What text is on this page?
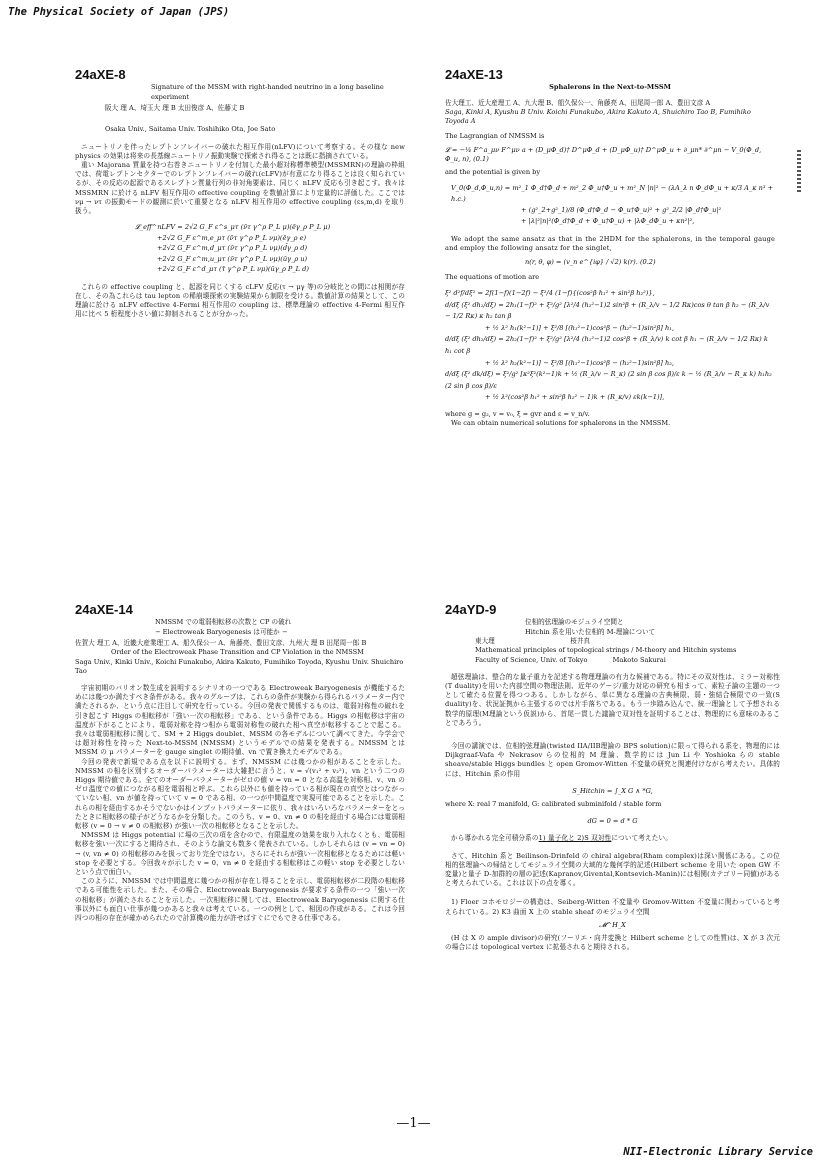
The Physical Society of Japan (JPS)
24aXE-8
Signature of the MSSM with right-handed neutrino in a long baseline experiment
阪大 理 A、埼玉大 理 B 太田俊彦 A、佐藤丈 B
Osaka Univ., Saitama Univ. Toshihiko Ota, Joe Sato
ニュートリノを伴ったレプトンフレイバーの破れた相互作用(nLFV)について考察する。その様な new physics の効果は将来の長基線ニュートリノ振動実験で探索され得ることは既に指摘されている。
重い Majorana 質量を持つ右巻きニュートリノを付加した最小超対称標準模型(MSSMRN)の理論の枠組では、荷電レプトンセクターでのレプトンフレイバーの破れ(cLFV)が有意になり得ることは良く知られているが、その反応の起源であるスレプトン質量行列の非対角要素は、同じく nLFV 反応も引き起こす。我々は MSSMRN に於ける nLFV 相互作用の effective coupling を数値計算により定量的に評価した。ここでは νμ → ντ の振動モードの観測に於いて重要となる nLFV 相互作用の effective coupling (εs,m,d) を取り扱う。
𝓛_eff^nLFV = 2√2 G_F ε^s_μτ (ν̄τ γ^ρ P_L μ)(ēγ_ρ P_L μ)
+2√2 G_F ε^m,e_μτ (ν̄τ γ^ρ P_L νμ)(ēγ_ρ e)
+2√2 G_F ε^m,d_μτ (ν̄τ γ^ρ P_L νμ)(d̄γ_ρ d)
+2√2 G_F ε^m,u_μτ (ν̄τ γ^ρ P_L νμ)(ūγ_ρ u)
+2√2 G_F ε^d_μτ (τ̄ γ^ρ P_L νμ)(ūγ_ρ P_L d)
これらの effective coupling と、起源を同じくする cLFV 反応(τ → μγ 等)の分岐比との間には相関が存在し、その為これらは tau lepton の稀崩壊探索の実験結果から制限を受ける。数値計算の結果として、この理論に於ける nLFV effective 4-Fermi 相互作用の coupling は、標準理論の effective 4-Fermi 相互作用に比べ 5 桁程度小さい値に抑制されることが分かった。
24aXE-13
Sphalerons in the Next-to-MSSM
佐大理工、近大産理工 A、九大理 B、船久保公一、角藤亮 A、田尾周一郎 A、豊田文彦 A
Saga, Kinki A, Kyushu B Univ. Koichi Funakubo, Akira Kakuto A, Shuichiro Tao B, Fumihiko Toyoda A
The Lagrangian of NMSSM is
𝓛 = −¼ F^a_μν F^μν a + (D_μΦ_d)† D^μΦ_d + (D_μΦ_u)† D^μΦ_u + ∂_μn* ∂^μn − V_0(Φ_d, Φ_u, n), (0.1)
and the potential is given by
V_0(Φ_d,Φ_u,n) = m²_1 Φ_d†Φ_d + m²_2 Φ_u†Φ_u + m²_N |n|² − (λA_λ n Φ_dΦ_u + κ/3 A_κ n³ + h.c.)
+ (g²_2+g²_1)/8 (Φ_d†Φ_d − Φ_u†Φ_u)² + g²_2/2 |Φ_d†Φ_u|²
+ |λ|²|n|²(Φ_d†Φ_d + Φ_u†Φ_u) + |λΦ_dΦ_u + κn²|²,
We adopt the same ansatz as that in the 2HDM for the sphalerons, in the temporal gauge and employ the following ansatz for the singlet,
n(r, θ, φ) = (v_n e^{iφ} / √2) k(r). (0.2)
The equations of motion are
ξ² d²f/dξ² = 2f(1−f)(1−2f) − ξ²/4 (1−f){(cos²β h₁² + sin²β h₂²)},
d/dξ (ξ² dh₁/dξ) = 2h₁(1−f)² + ξ²/g² [λ²/4 (h₂²−1)2 sin²β + (R_λ/v − 1/2 Rκ)cos θ tan β h₂ − (R_λ/v − 1/2 Rκ) κ h₂ tan β
+ ½ λ² h₁(k²−1)] + ξ²/8 [(h₁²−1)cos²β − (h₂²−1)sin²β] h₁,
d/dξ (ξ² dh₂/dξ) = 2h₂(1−f)² + ξ²/g² [λ²/4 (h₁²−1)2 cos²β + (R_λ/v) k cot β h₁ − (R_λ/v − 1/2 Rκ) k h₁ cot β
+ ½ λ² h₂(k²−1)] − ξ²/8 [(h₁²−1)cos²β − (h₂²−1)sin²β] h₂,
d/dξ (ξ² dk/dξ) = ξ²/g² [κ²ξ²(k²−1)k + ½ (R_λ/v − R_κ) (2 sin β cos β)/ε k − ½ (R_λ/v − R_κ k) h₁h₂ (2 sin β cos β)/ε
+ ½ λ²(cos²β h₁² + sin²β h₂² − 1)k + (R_κ/v) εk(k−1)],
where g = g₂, v = v₀, ξ = gvr and ε = v_n/v.
We can obtain numerical solutions for sphalerons in the NMSSM.
24aXE-14
NMSSM での電弱相転移の次数と CP の破れ
− Electroweak Baryogenesis は可能か −
佐賀大 理工 A、近畿大産業理工 A、船久保公一 A、角藤亮、豊田文彦、九州大 理 B 田尾周一郎 B
Order of the Electroweak Phase Transition and CP Violation in the NMSSM
Saga Univ., Kinki Univ., Koichi Funakubo, Akira Kakuto, Fumihiko Toyoda, Kyushu Univ. Shuichiro Tao
宇宙初期のバリオン数生成を説明するシナリオの一つである Electroweak Baryogenesis が機能するためには幾つか満たすべき条件がある。我々のグループは、これらの条件が実験から得られるパラメーター内で満たされるか、という点に注目して研究を行っている。今回の発表で関係するものは、電弱対称性の破れを引き起こす Higgs の相転移が「強い一次の相転移」である、という条件である。Higgs の相転移は宇宙の温度が下がることにより、電弱対称を持つ相から電弱対称性の破れた相へ真空が転移することで起こる。我々は電弱相転移に関して、SM + 2 Higgs doublet、MSSM の各モデルについて調べてきた。今学会では超対称性を持った Next-to-MSSM (NMSSM) というモデルでの結果を発表する。NMSSM とは MSSM の μ パラメーターを gauge singlet の期待値、vn で置き換えたモデルである。
今回の発表で新規である点を以下に説明する。まず、NMSSM には幾つかの相があることを示した。NMSSM の相を区別するオーダーパラメーターは大雑把に言うと、v = √(v₁² + v₂²)、vn という二つの Higgs 期待値である。全てのオーダーパラメーターがゼロの値 v = vn = 0 となる高温を対称相、v、vn のゼロ温度での値につながる相を電弱相と呼ぶ。これら以外にも値を持っている相が現在の真空とはつながっていない相、vn が値を持っていて v = 0 である相、の一つが中間温度で実現可能であることを示した。これらの相を経由するかそうでないかはインプットパラメーターに依り、我々はいろいろなパラメーターをとったときに相転移の様子がどうなるかを分類した。このうち、v = 0、vn ≠ 0 の相を経由する場合には電弱相転移 (v = 0 → v ≠ 0 の相転移) が強い一次の相転移となることを示した。
NMSSM は Higgs potential に場の三次の項を含むので、有限温度の効果を取り入れなくとも、電弱相転移を強い一次にすると期待され、そのような論文も数多く発表されている。しかしそれらは (v = vn = 0) → (v, vn ≠ 0) の相転移のみを扱っており完全ではない。さらにそれらが強い一次相転移となるためには軽い stop を必要とする。今回我々が示した v = 0、vn ≠ 0 を経由する相転移はこの軽い stop を必要としないという点で面白い。
このように、NMSSM では中間温度に幾つかの相が存在し得ることを示し、電弱相転移が二段階の相転移である可能性を示した。また、その場合、Electroweak Baryogenesis が要求する条件の一つ「強い一次の相転移」が満たされることを示した。一次相転移に関しては、Electroweak Baryogenesis に関する仕事以外にも面白い仕事が幾つかあると我々は考えている。一つの例として、相図の作成がある。これは今回四つの相の存在が確かめられたので計算機の能力が許せばすぐにでもできる仕事である。
24aYD-9
位相的弦理論のモジュライ空間と
Hitchin 系を用いた位相的 M-理論について
東大理                                    桜井真
Mathematical principles of topological strings / M-theory and Hitchin systems
Faculty of Science, Univ. of Tokyo            Makoto Sakurai
超弦理論は、整合的な量子重力を記述する物理理論の有力な候補である。特にその双対性は、ミラー対称性(T duality)を用いた内部空間の物理法則、近年のゲージ/重力対応の研究も相まって、素粒子論の主題の一つとして確たる位置を得つつある。しかしながら、単に異なる理論の古典極限、弱・強結合極限での一致(S duality)を、状況証拠から主張するのでは片手落ちである。もう一歩踏み込んで、統一理論として予想される数学的原理(M理論という仮説)から、首尾一貫した議論で双対性を証明することは、物理的にも意味のあることであろう。
今回の講演では、位相的弦理論(twisted IIA/IIB理論の BPS solution)に限って得られる系を、物理的には Dijkgraaf-Vafa や Nekrasov らの位相的 M 理論、数学的には Jun Li や Yoshioka らの stable sheave/stable Higgs bundles と open Gromov-Witten 不変量の研究と関連付けながら考えたい。具体的には、Hitchin 系の作用
S_Hitchin = ∫_X G ∧ *G,
where X: real 7 manifold, G: calibrated subminifold / stable form
dG = 0 = d * G
から導かれる完全可積分系の1) 量子化と 2)S 双対性について考えたい。
さて、Hitchin 系と Beilinson-Drinfeld の chiral algebra(Rham complex)は深い関係にある。この位相的弦理論への帰結としてモジュライ空間の大域的な幾何学的記述(Hilbert scheme を用いた open GW 不変量)と量子 D-加群的の層の記述(Kapranov,Givental,Kontsevich-Manin)には相関(カテゴリー同値)があると考えられている。これは以下の点を導く。
1) Floer コホモロジーの構造は、Seiberg-Witten 不変量や Gromov-Witten 不変量に関わっていると考えられている。2) K3 曲面 X 上の stable sheaf のモジュライ空間
𝓜^H_X
(H は X の ample divisor)の研究(フーリエ・向井変換と Hilbert scheme としての性質)は、X が 3 次元の場合には topological vertex に拡張されると期待される。
—1—
NII-Electronic Library Service
